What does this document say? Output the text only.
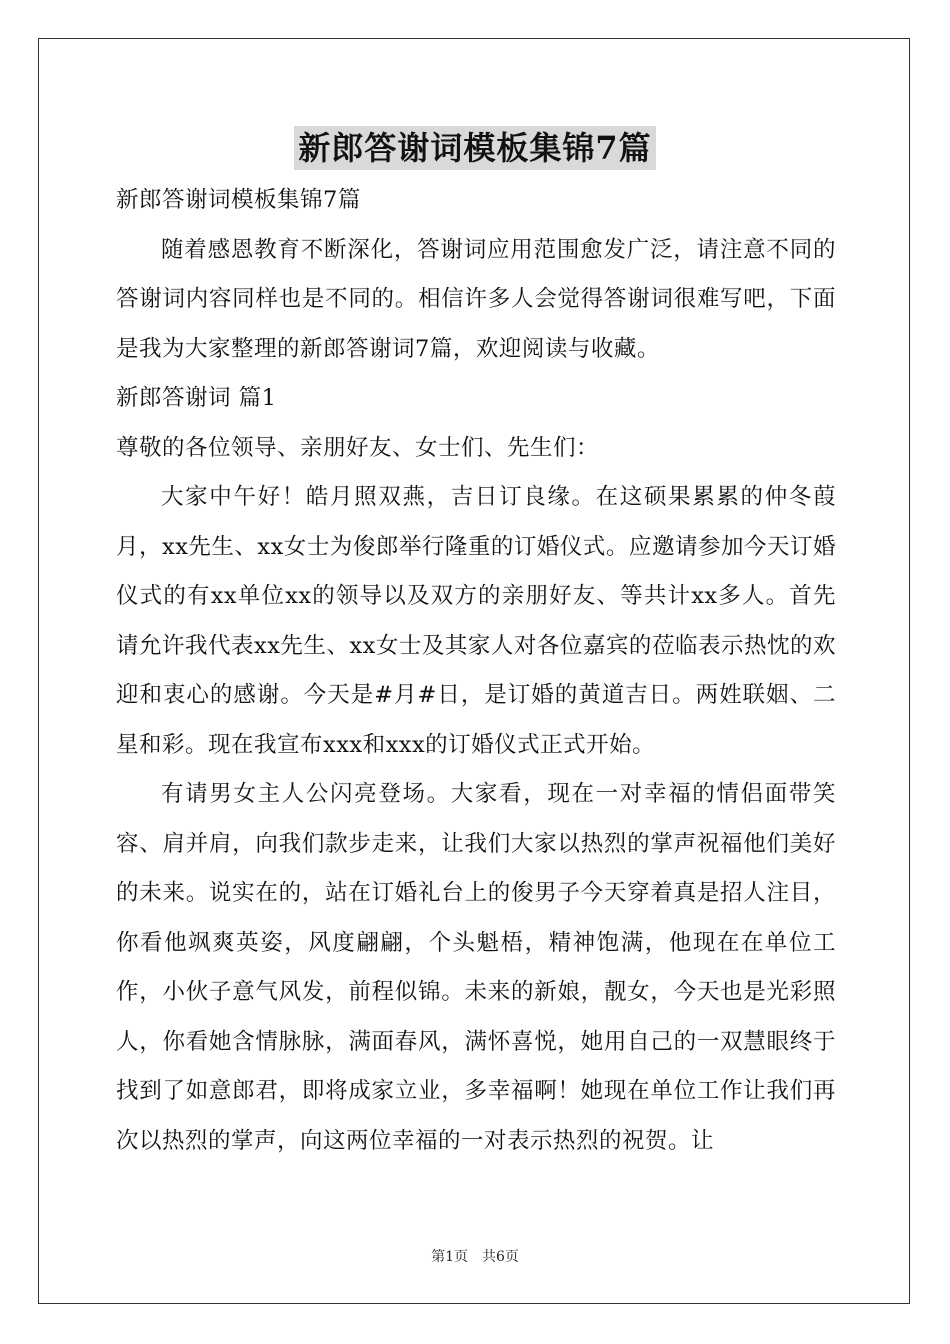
新郎答谢词模板集锦7篇

新郎答谢词模板集锦7篇

随着感恩教育不断深化，答谢词应用范围愈发广泛，请注意不同的答谢词内容同样也是不同的。相信许多人会觉得答谢词很难写吧，下面是我为大家整理的新郎答谢词7篇，欢迎阅读与收藏。

新郎答谢词 篇1

尊敬的各位领导、亲朋好友、女士们、先生们：

大家中午好！皓月照双燕，吉日订良缘。在这硕果累累的仲冬葭月，xx先生、xx女士为俊郎举行隆重的订婚仪式。应邀请参加今天订婚仪式的有xx单位xx的领导以及双方的亲朋好友、等共计xx多人。首先请允许我代表xx先生、xx女士及其家人对各位嘉宾的莅临表示热忱的欢迎和衷心的感谢。今天是#月#日，是订婚的黄道吉日。两姓联姻、二星和彩。现在我宣布xxx和xxx的订婚仪式正式开始。

有请男女主人公闪亮登场。大家看，现在一对幸福的情侣面带笑容、肩并肩，向我们款步走来，让我们大家以热烈的掌声祝福他们美好的未来。说实在的，站在订婚礼台上的俊男子今天穿着真是招人注目，你看他飒爽英姿，风度翩翩，个头魁梧，精神饱满，他现在在单位工作，小伙子意气风发，前程似锦。未来的新娘，靓女，今天也是光彩照人，你看她含情脉脉，满面春风，满怀喜悦，她用自己的一双慧眼终于找到了如意郎君，即将成家立业，多幸福啊！她现在单位工作让我们再次以热烈的掌声，向这两位幸福的一对表示热烈的祝贺。让

第1页　共6页
